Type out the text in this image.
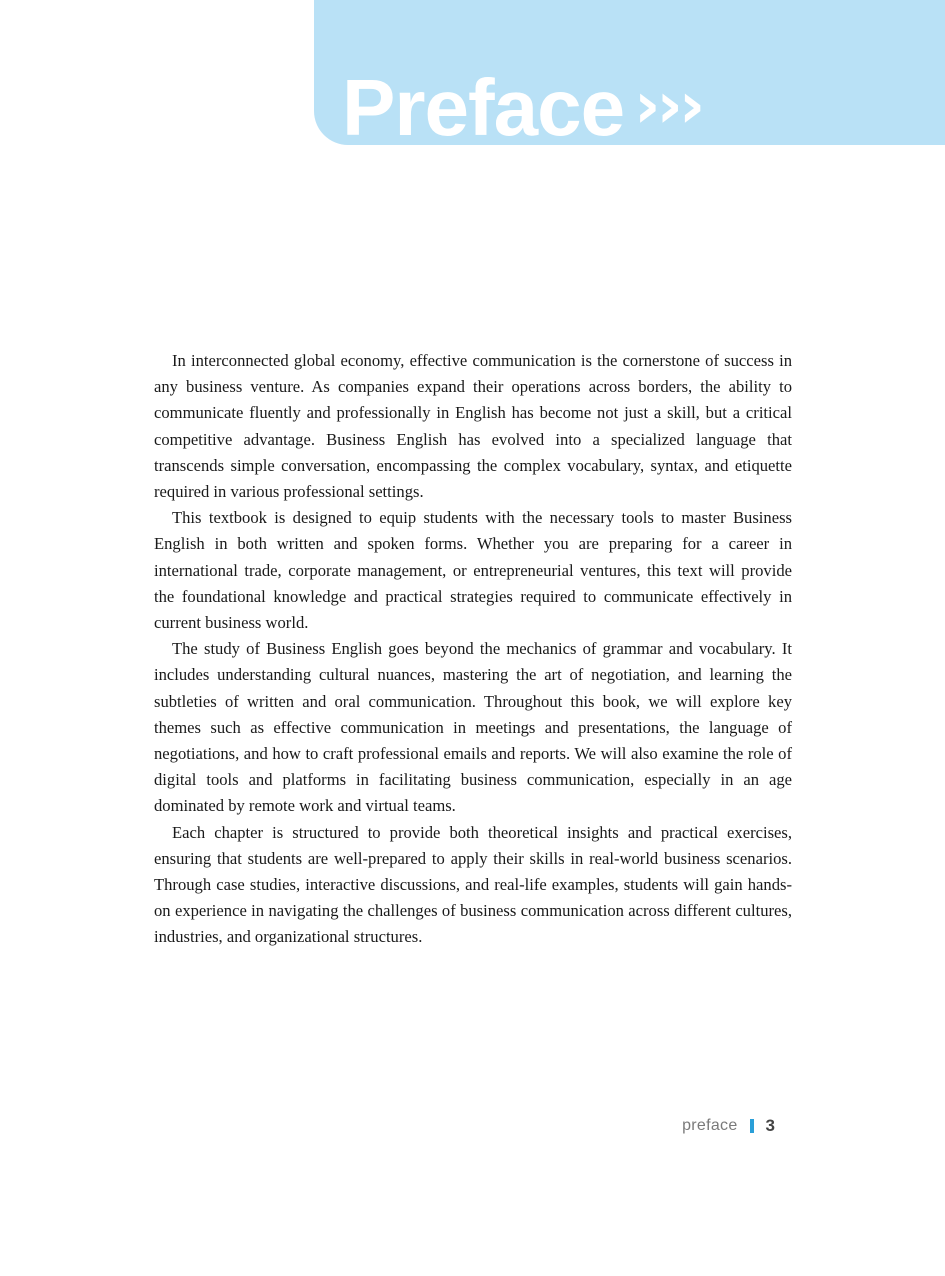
Preface ›››

In interconnected global economy, effective communication is the cornerstone of success in any business venture. As companies expand their operations across borders, the ability to communicate fluently and professionally in English has become not just a skill, but a critical competitive advantage. Business English has evolved into a specialized language that transcends simple conversation, encompassing the complex vocabulary, syntax, and etiquette required in various professional settings.

This textbook is designed to equip students with the necessary tools to master Business English in both written and spoken forms. Whether you are preparing for a career in international trade, corporate management, or entrepreneurial ventures, this text will provide the foundational knowledge and practical strategies required to communicate effectively in current business world.

The study of Business English goes beyond the mechanics of grammar and vocabulary. It includes understanding cultural nuances, mastering the art of negotiation, and learning the subtleties of written and oral communication. Throughout this book, we will explore key themes such as effective communication in meetings and presentations, the language of negotiations, and how to craft professional emails and reports. We will also examine the role of digital tools and platforms in facilitating business communication, especially in an age dominated by remote work and virtual teams.

Each chapter is structured to provide both theoretical insights and practical exercises, ensuring that students are well-prepared to apply their skills in real-world business scenarios. Through case studies, interactive discussions, and real-life examples, students will gain hands-on experience in navigating the challenges of business communication across different cultures, industries, and organizational structures.

preface 3
